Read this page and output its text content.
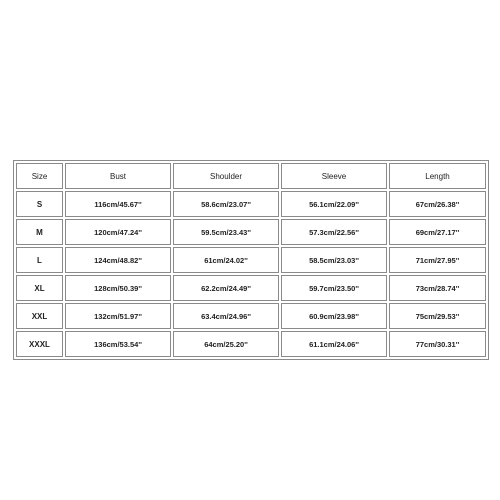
Size	Bust	Shoulder	Sleeve	Length
S	116cm/45.67''	58.6cm/23.07''	56.1cm/22.09''	67cm/26.38''
M	120cm/47.24''	59.5cm/23.43''	57.3cm/22.56''	69cm/27.17''
L	124cm/48.82''	61cm/24.02''	58.5cm/23.03''	71cm/27.95''
XL	128cm/50.39''	62.2cm/24.49''	59.7cm/23.50''	73cm/28.74''
XXL	132cm/51.97''	63.4cm/24.96''	60.9cm/23.98''	75cm/29.53''
XXXL	136cm/53.54''	64cm/25.20''	61.1cm/24.06''	77cm/30.31''
